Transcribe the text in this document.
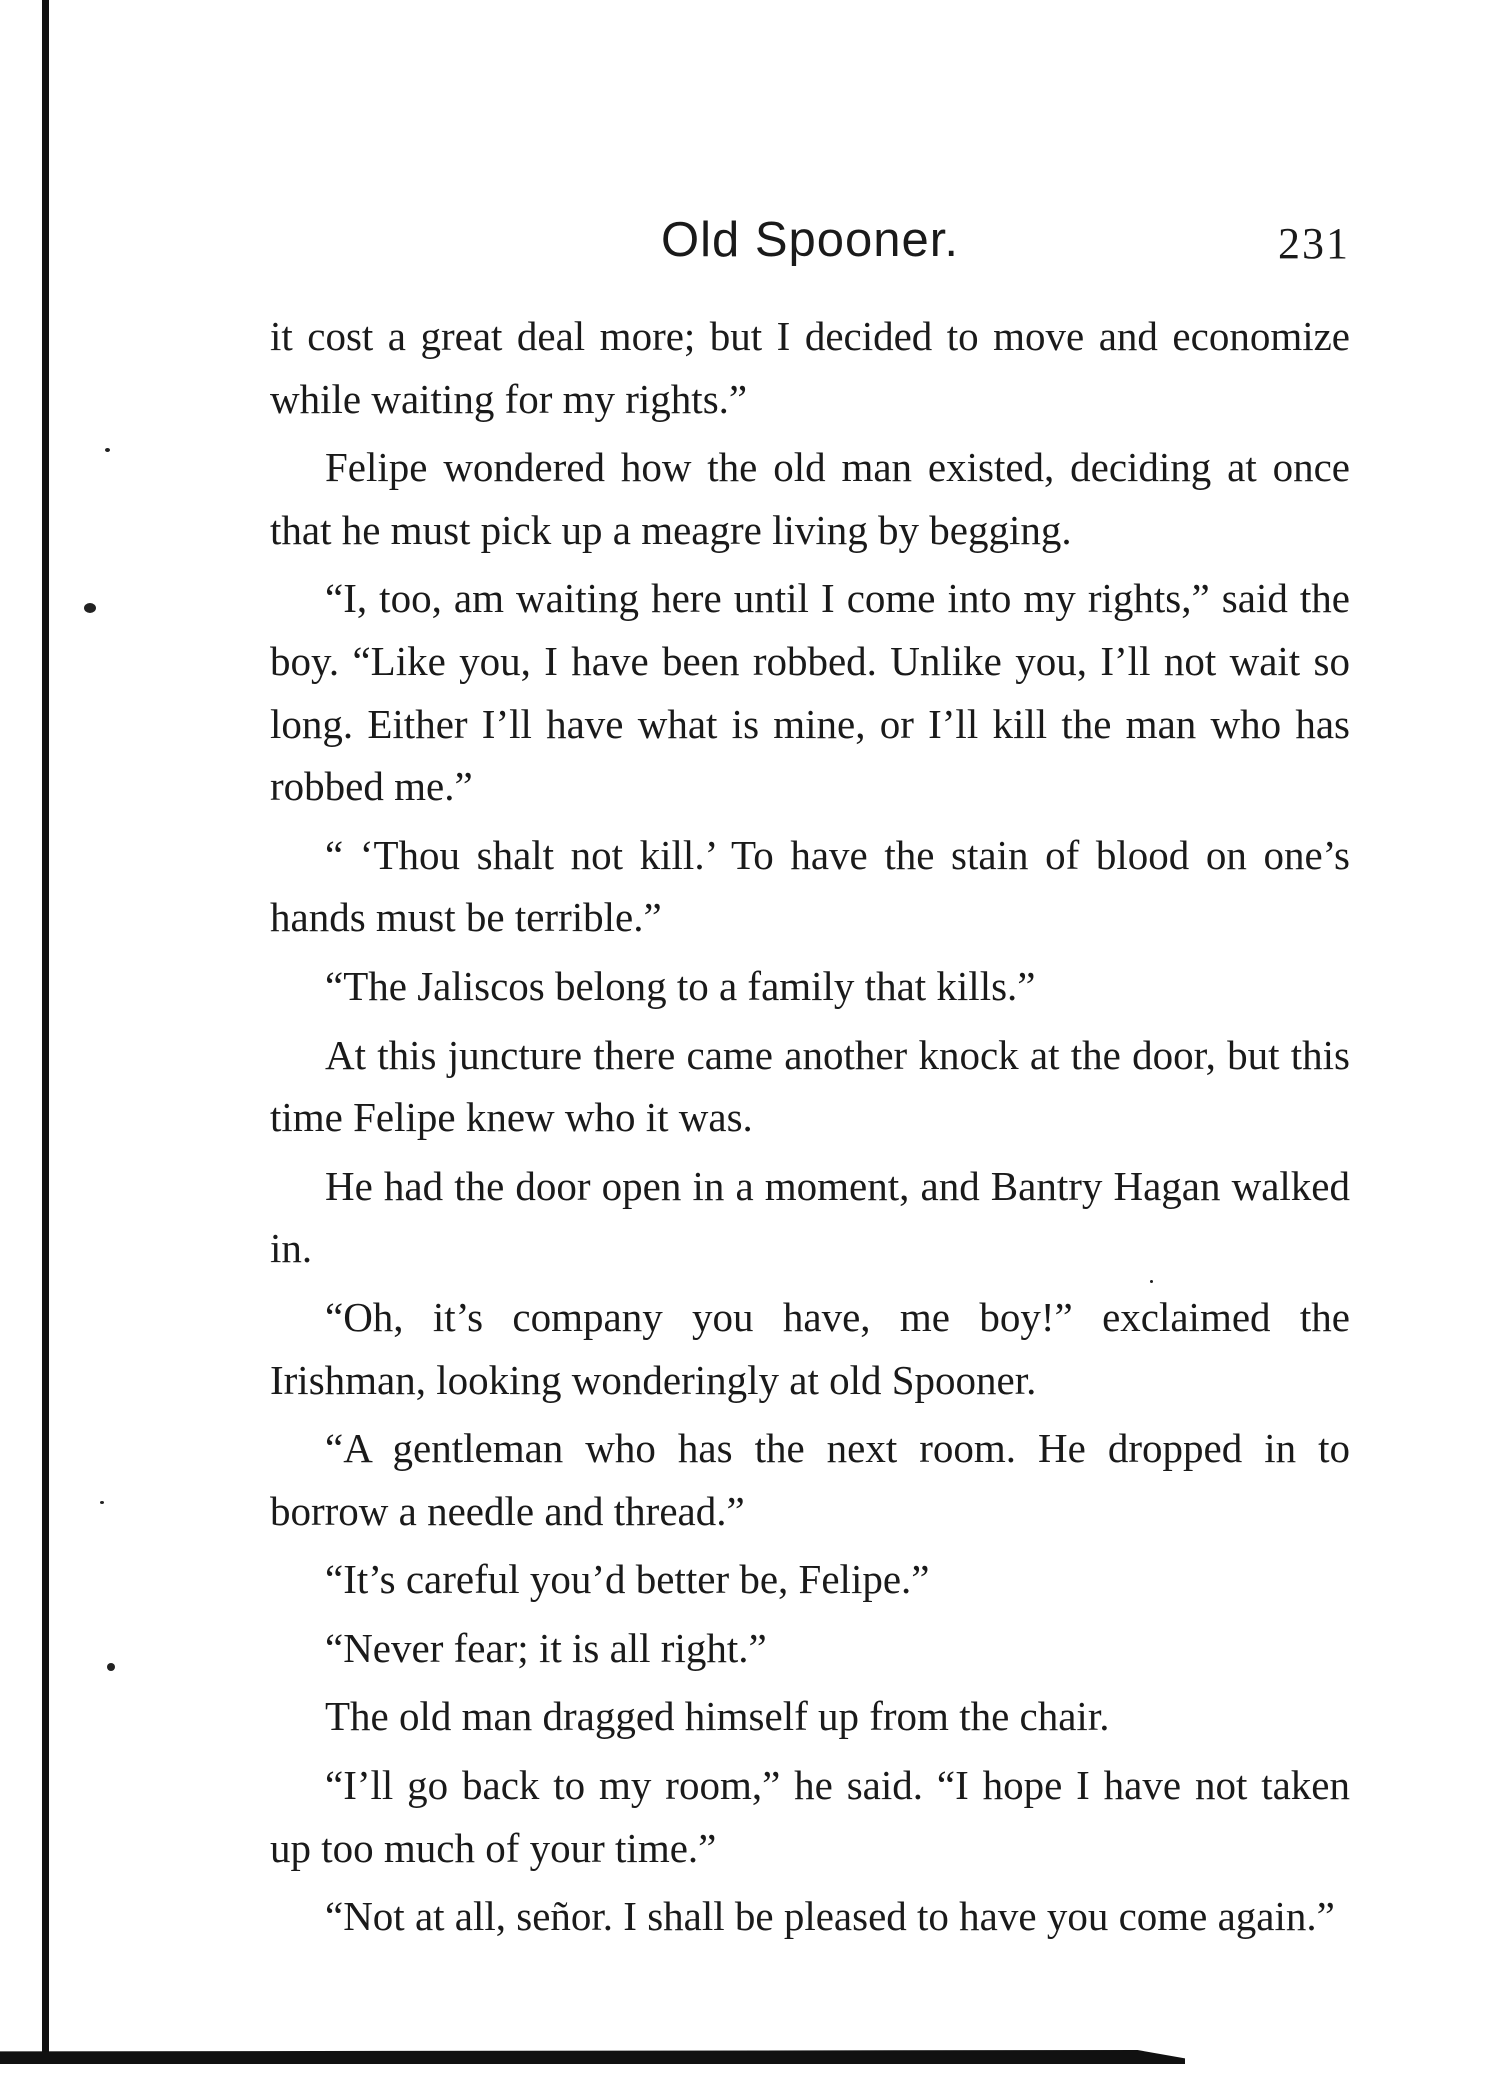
Old Spooner.	231

it cost a great deal more; but I decided to move and economize while waiting for my rights.”

Felipe wondered how the old man existed, deciding at once that he must pick up a meagre living by begging.

“I, too, am waiting here until I come into my rights,” said the boy. “Like you, I have been robbed. Unlike you, I’ll not wait so long. Either I’ll have what is mine, or I’ll kill the man who has robbed me.”

“ ‘Thou shalt not kill.’ To have the stain of blood on one’s hands must be terrible.”

“The Jaliscos belong to a family that kills.”

At this juncture there came another knock at the door, but this time Felipe knew who it was.

He had the door open in a moment, and Bantry Hagan walked in.

“Oh, it’s company you have, me boy!” exclaimed the Irishman, looking wonderingly at old Spooner.

“A gentleman who has the next room. He dropped in to borrow a needle and thread.”

“It’s careful you’d better be, Felipe.”

“Never fear; it is all right.”

The old man dragged himself up from the chair.

“I’ll go back to my room,” he said. “I hope I have not taken up too much of your time.”

“Not at all, señor. I shall be pleased to have you come again.”
